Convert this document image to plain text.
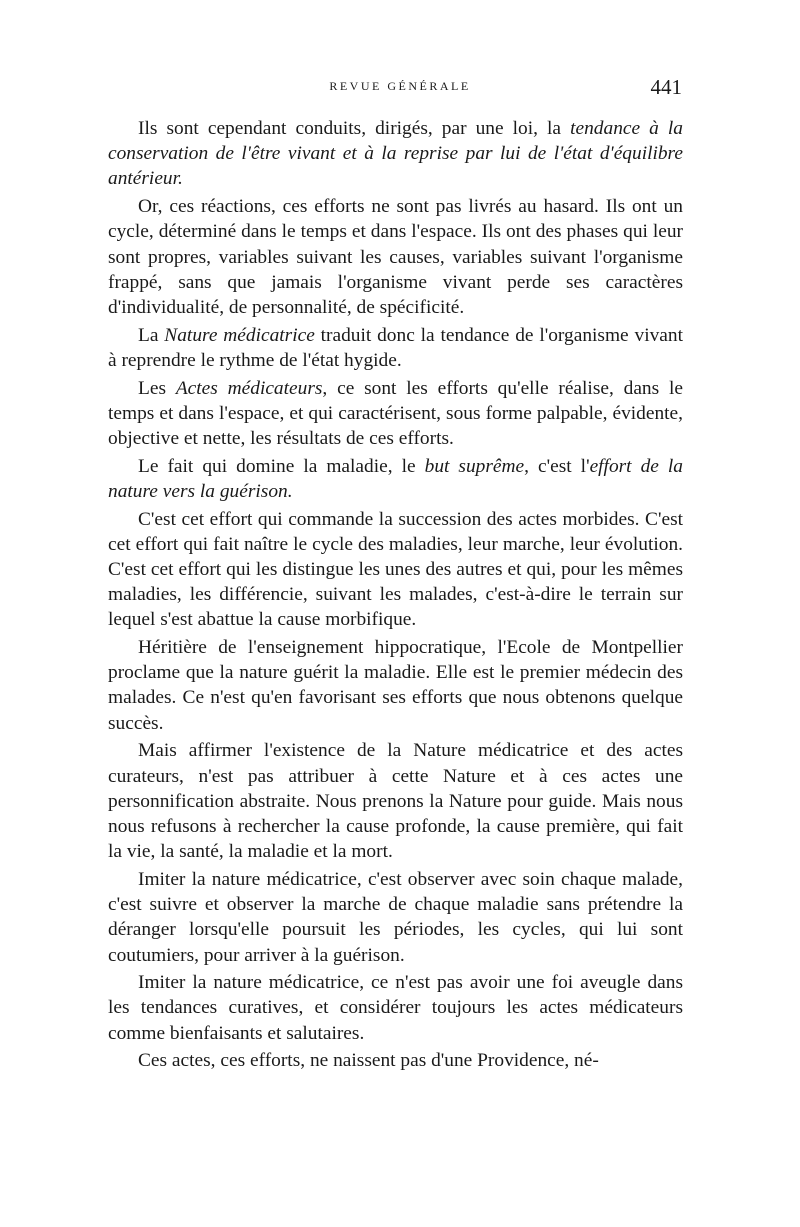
REVUE GÉNÉRALE	441

Ils sont cependant conduits, dirigés, par une loi, la tendance à la conservation de l'être vivant et à la reprise par lui de l'état d'équilibre antérieur.

Or, ces réactions, ces efforts ne sont pas livrés au hasard. Ils ont un cycle, déterminé dans le temps et dans l'espace. Ils ont des phases qui leur sont propres, variables suivant les causes, variables suivant l'organisme frappé, sans que jamais l'organisme vivant perde ses caractères d'individualité, de personnalité, de spécificité.

La Nature médicatrice traduit donc la tendance de l'organisme vivant à reprendre le rythme de l'état hygide.

Les Actes médicateurs, ce sont les efforts qu'elle réalise, dans le temps et dans l'espace, et qui caractérisent, sous forme palpable, évidente, objective et nette, les résultats de ces efforts.

Le fait qui domine la maladie, le but suprême, c'est l'effort de la nature vers la guérison.

C'est cet effort qui commande la succession des actes morbides. C'est cet effort qui fait naître le cycle des maladies, leur marche, leur évolution. C'est cet effort qui les distingue les unes des autres et qui, pour les mêmes maladies, les différencie, suivant les malades, c'est-à-dire le terrain sur lequel s'est abattue la cause morbifique.

Héritière de l'enseignement hippocratique, l'Ecole de Montpellier proclame que la nature guérit la maladie. Elle est le premier médecin des malades. Ce n'est qu'en favorisant ses efforts que nous obtenons quelque succès.

Mais affirmer l'existence de la Nature médicatrice et des actes curateurs, n'est pas attribuer à cette Nature et à ces actes une personnification abstraite. Nous prenons la Nature pour guide. Mais nous nous refusons à rechercher la cause profonde, la cause première, qui fait la vie, la santé, la maladie et la mort.

Imiter la nature médicatrice, c'est observer avec soin chaque malade, c'est suivre et observer la marche de chaque maladie sans prétendre la déranger lorsqu'elle poursuit les périodes, les cycles, qui lui sont coutumiers, pour arriver à la guérison.

Imiter la nature médicatrice, ce n'est pas avoir une foi aveugle dans les tendances curatives, et considérer toujours les actes médicateurs comme bienfaisants et salutaires.

Ces actes, ces efforts, ne naissent pas d'une Providence, né-
